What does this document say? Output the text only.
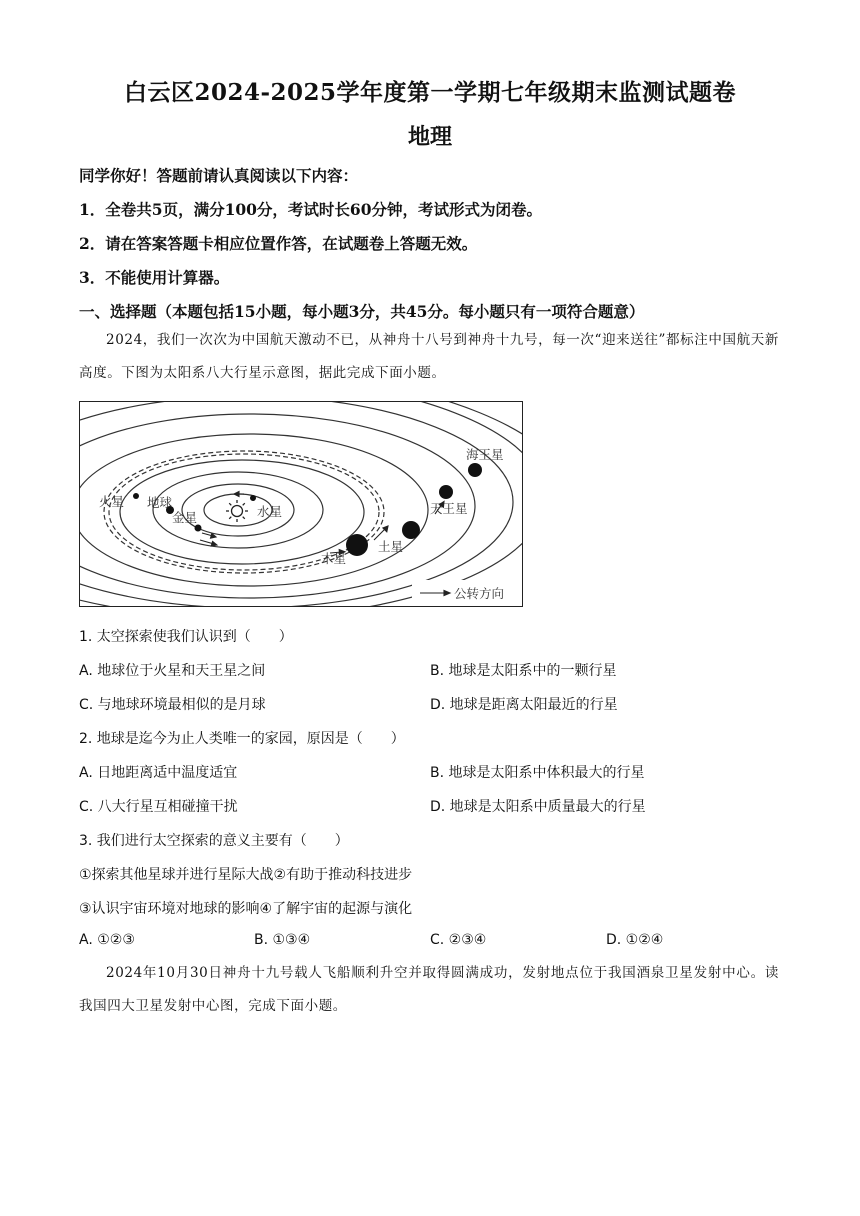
白云区2024-2025学年度第一学期七年级期末监测试题卷
地理
同学你好！答题前请认真阅读以下内容：
1．全卷共5页，满分100分，考试时长60分钟，考试形式为闭卷。
2．请在答案答题卡相应位置作答，在试题卷上答题无效。
3．不能使用计算器。
一、选择题（本题包括15小题，每小题3分，共45分。每小题只有一项符合题意）
2024，我们一次次为中国航天激动不已，从神舟十八号到神舟十九号，每一次“迎来送往”都标注中国航天新高度。下图为太阳系八大行星示意图，据此完成下面小题。
火星 地球
金星	水星
木星
土星
天王星
海王星
公转方向
1. 太空探索使我们认识到（　　）
A. 地球位于火星和天王星之间	B. 地球是太阳系中的一颗行星
C. 与地球环境最相似的是月球	D. 地球是距离太阳最近的行星
2. 地球是迄今为止人类唯一的家园，原因是（　　）
A. 日地距离适中温度适宜	B. 地球是太阳系中体积最大的行星
C. 八大行星互相碰撞干扰	D. 地球是太阳系中质量最大的行星
3. 我们进行太空探索的意义主要有（　　）
①探索其他星球并进行星际大战②有助于推动科技进步
③认识宇宙环境对地球的影响④了解宇宙的起源与演化
A. ①②③	B. ①③④	C. ②③④	D. ①②④
2024年10月30日神舟十九号载人飞船顺利升空并取得圆满成功，发射地点位于我国酒泉卫星发射中心。读我国四大卫星发射中心图，完成下面小题。
